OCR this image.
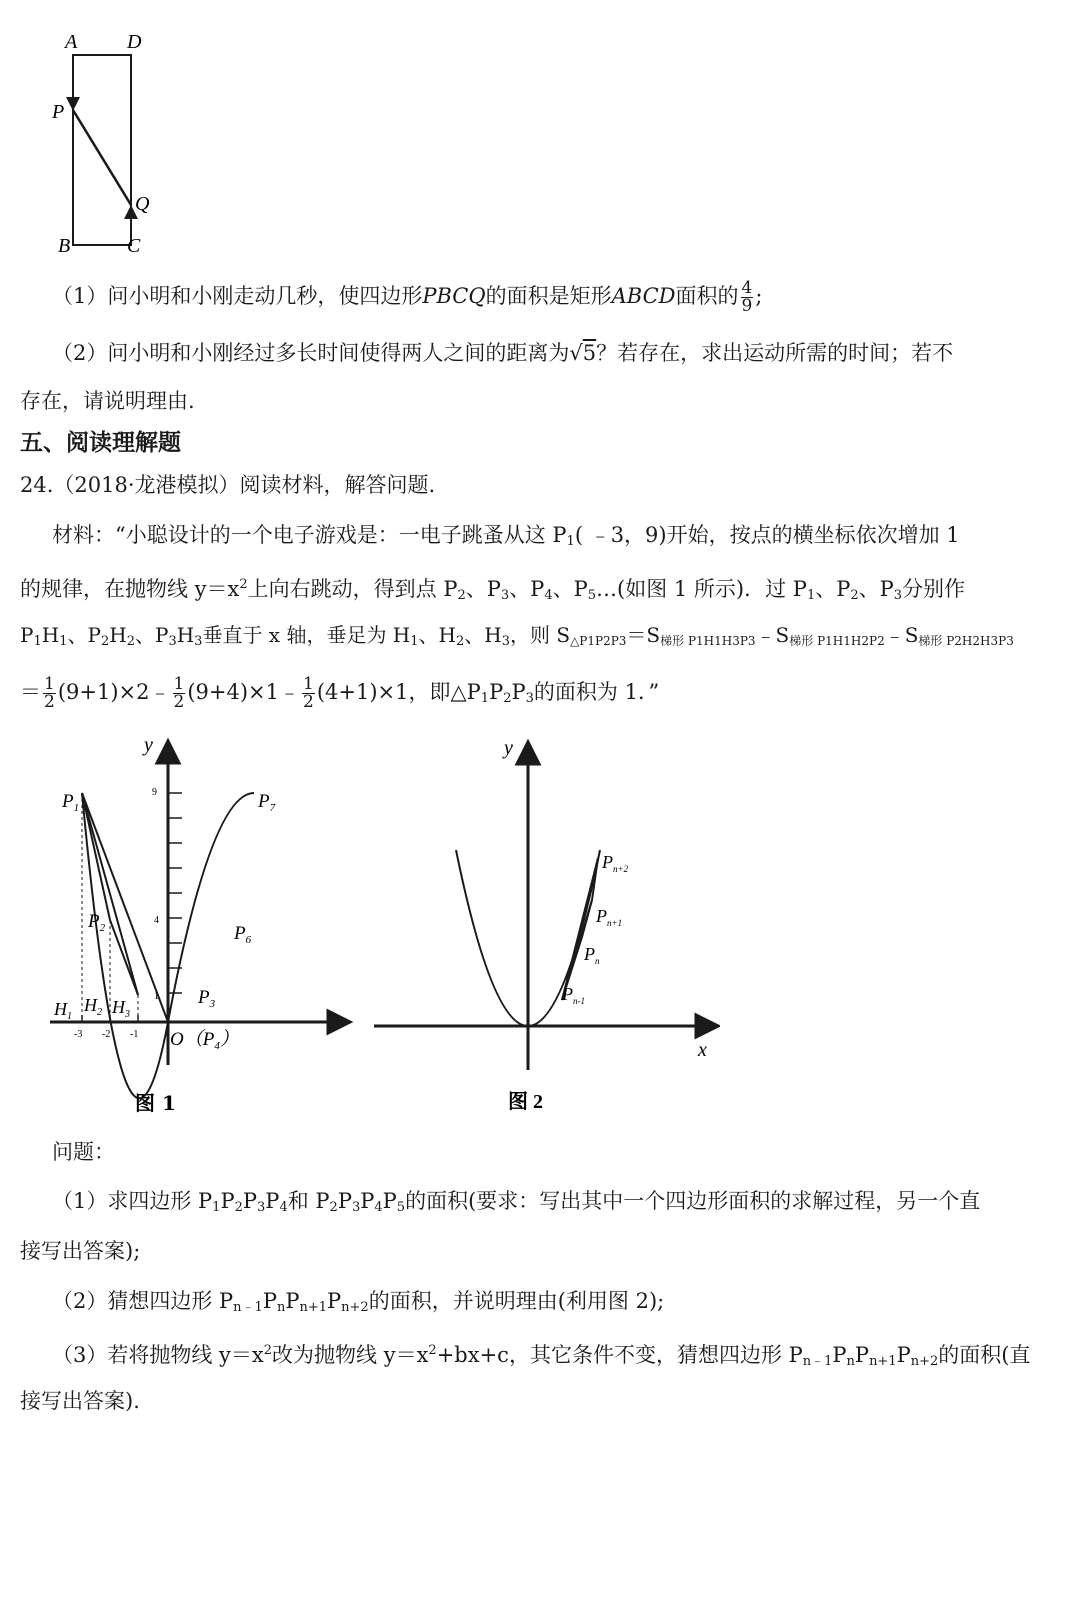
A D
P
Q
B	C
（1）问小明和小刚走动几秒，使四边形PBCQ的面积是矩形ABCD面积的 $\frac{4}{9}$ ;
（2）问小明和小刚经过多长时间使得两人之间的距离为√5？若存在，求出运动所需的时间；若不
存在，请说明理由.
五、阅读理解题
24.（2018·龙港模拟）阅读材料，解答问题.
材料：“小聪设计的一个电子游戏是：一电子跳蚤从这 $P_1$( ﹣3，9)开始，按点的横坐标依次增加 1
的规律，在抛物线 $y=x^2$上向右跳动，得到点 $P_2$、$P_3$、$P_4$、$P_5\dots$(如图 1 所示)．过 $P_1$、$P_2$、$P_3$分别作
$P_1H_1$、$P_2H_2$、$P_3H_3$垂直于 x 轴，垂足为 $H_1$、$H_2$、$H_3$，则 $S_{\triangle P1P2P3}=S_{梯形 P1H1H3P3}﹣S_{梯形 P1H1H2P2}﹣S_{梯形 P2H2H3P3}$
＝ $\frac{1}{2}$ (9+1)×2﹣ $\frac{1}{2}$ (9+4)×1﹣ $\frac{1}{2} (4+1)\times 1$，即$\triangle P_1P_2P_3$的面积为 1．”
y
9
4
1
-3 -2 -1
$P_1$
$P_2$
$P_3$
$P_6$
$P_7$
$H_1$
$H_2$ $H_3$
$O(P_4)$
图 1
y
x
$P_{n+2}$
$P_{n+1}$
$P_n$
$P_{n-1}$
图 2
问题：
（1）求四边形 $P_1P_2P_3P_4$和 $P_2P_3P_4P_5$的面积(要求：写出其中一个四边形面积的求解过程，另一个直
接写出答案);
（2）猜想四边形 $P_{n﹣1}P_nP_{n+1}P_{n+2}$的面积，并说明理由(利用图 2);
（3）若将抛物线 $y=x^2$改为抛物线 $y=x^2+bx+c$，其它条件不变，猜想四边形 $P_{n﹣1}P_nP_{n+1}P_{n+2}$的面积(直
接写出答案).
